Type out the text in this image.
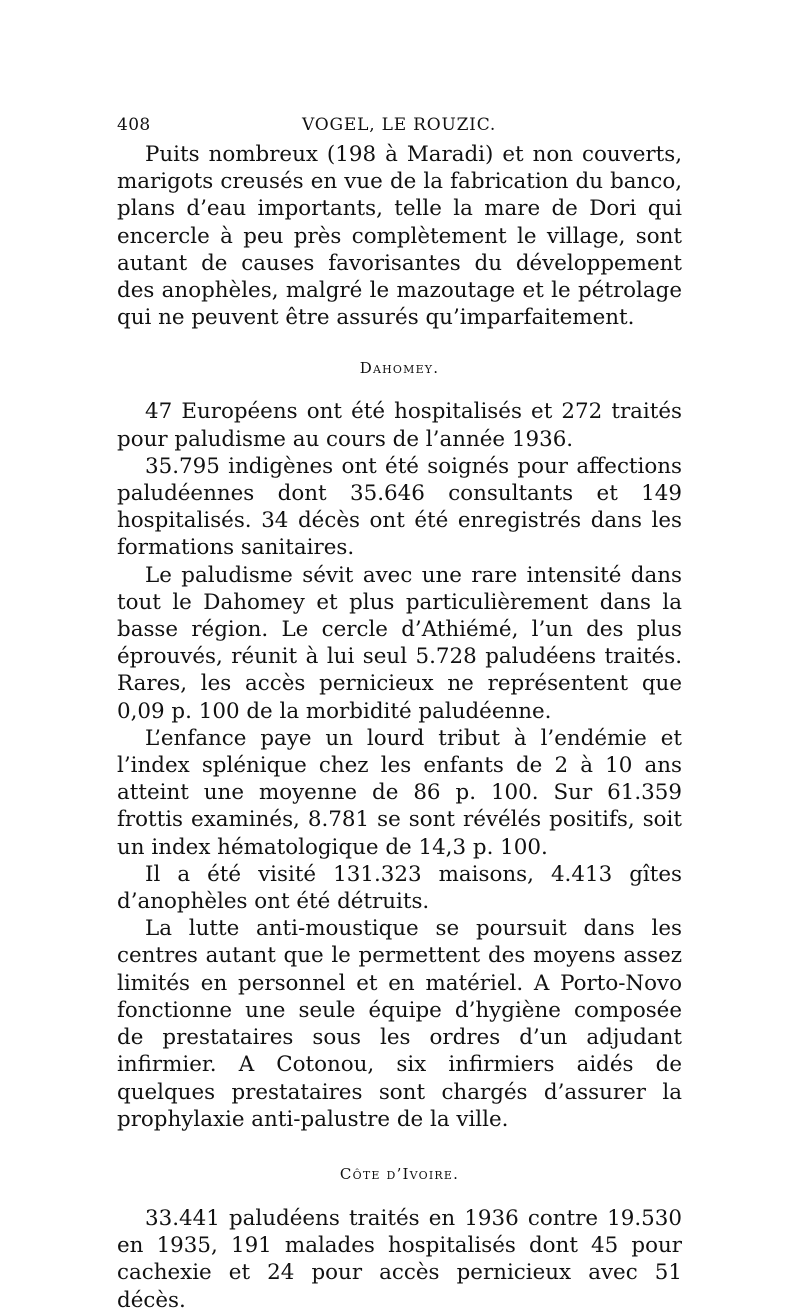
408	VOGEL, LE ROUZIC.

Puits nombreux (198 à Maradi) et non couverts, marigots creusés en vue de la fabrication du banco, plans d’eau importants, telle la mare de Dori qui encercle à peu près complètement le village, sont autant de causes favorisantes du développement des anophèles, malgré le mazoutage et le pétrolage qui ne peuvent être assurés qu’imparfaitement.

Dahomey.

47 Européens ont été hospitalisés et 272 traités pour paludisme au cours de l’année 1936.

35.795 indigènes ont été soignés pour affections paludéennes dont 35.646 consultants et 149 hospitalisés. 34 décès ont été enregistrés dans les formations sanitaires.

Le paludisme sévit avec une rare intensité dans tout le Dahomey et plus particulièrement dans la basse région. Le cercle d’Athiémé, l’un des plus éprouvés, réunit à lui seul 5.728 paludéens traités. Rares, les accès pernicieux ne représentent que 0,09 p. 100 de la morbidité paludéenne.

L’enfance paye un lourd tribut à l’endémie et l’index splénique chez les enfants de 2 à 10 ans atteint une moyenne de 86 p. 100. Sur 61.359 frottis examinés, 8.781 se sont révélés positifs, soit un index hématologique de 14,3 p. 100.

Il a été visité 131.323 maisons, 4.413 gîtes d’anophèles ont été détruits.

La lutte anti-moustique se poursuit dans les centres autant que le permettent des moyens assez limités en personnel et en matériel. A Porto-Novo fonctionne une seule équipe d’hygiène composée de prestataires sous les ordres d’un adjudant infirmier. A Cotonou, six infirmiers aidés de quelques prestataires sont chargés d’assurer la prophylaxie anti-palustre de la ville.

Côte d’Ivoire.

33.441 paludéens traités en 1936 contre 19.530 en 1935, 191 malades hospitalisés dont 45 pour cachexie et 24 pour accès pernicieux avec 51 décès.
